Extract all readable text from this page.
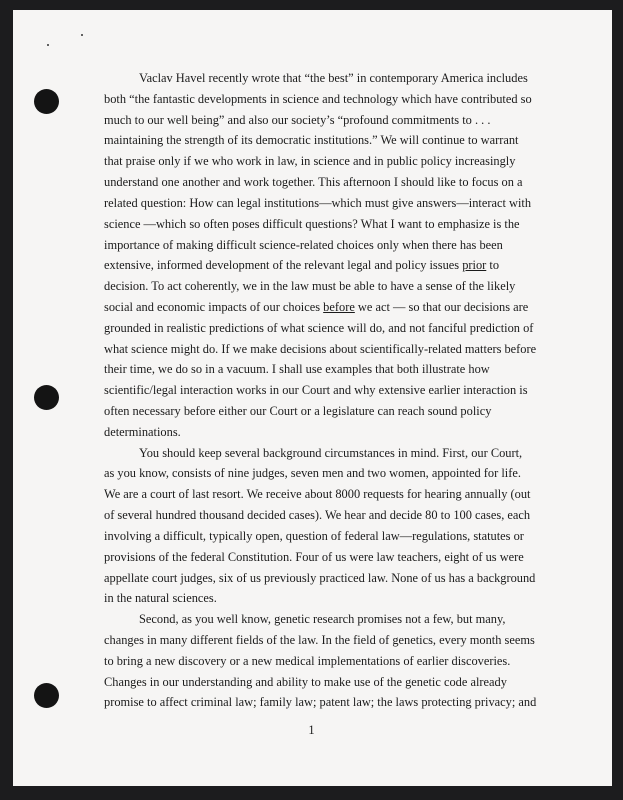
Vaclav Havel recently wrote that “the best” in contemporary America includes
both “the fantastic developments in science and technology which have contributed so
much to our well being” and also our society’s “profound commitments to . . .
maintaining the strength of its democratic institutions.” We will continue to warrant
that praise only if we who work in law, in science and in public policy increasingly
understand one another and work together. This afternoon I should like to focus on a
related question: How can legal institutions—which must give answers—interact with
science —which so often poses difficult questions? What I want to emphasize is the
importance of making difficult science-related choices only when there has been
extensive, informed development of the relevant legal and policy issues prior to
decision. To act coherently, we in the law must be able to have a sense of the likely
social and economic impacts of our choices before we act — so that our decisions are
grounded in realistic predictions of what science will do, and not fanciful prediction of
what science might do. If we make decisions about scientifically-related matters before
their time, we do so in a vacuum. I shall use examples that both illustrate how
scientific/legal interaction works in our Court and why extensive earlier interaction is
often necessary before either our Court or a legislature can reach sound policy
determinations.

You should keep several background circumstances in mind. First, our Court,
as you know, consists of nine judges, seven men and two women, appointed for life.
We are a court of last resort. We receive about 8000 requests for hearing annually (out
of several hundred thousand decided cases). We hear and decide 80 to 100 cases, each
involving a difficult, typically open, question of federal law—regulations, statutes or
provisions of the federal Constitution. Four of us were law teachers, eight of us were
appellate court judges, six of us previously practiced law. None of us has a background
in the natural sciences.

Second, as you well know, genetic research promises not a few, but many,
changes in many different fields of the law. In the field of genetics, every month seems
to bring a new discovery or a new medical implementations of earlier discoveries.
Changes in our understanding and ability to make use of the genetic code already
promise to affect criminal law; family law; patent law; the laws protecting privacy; and

1
